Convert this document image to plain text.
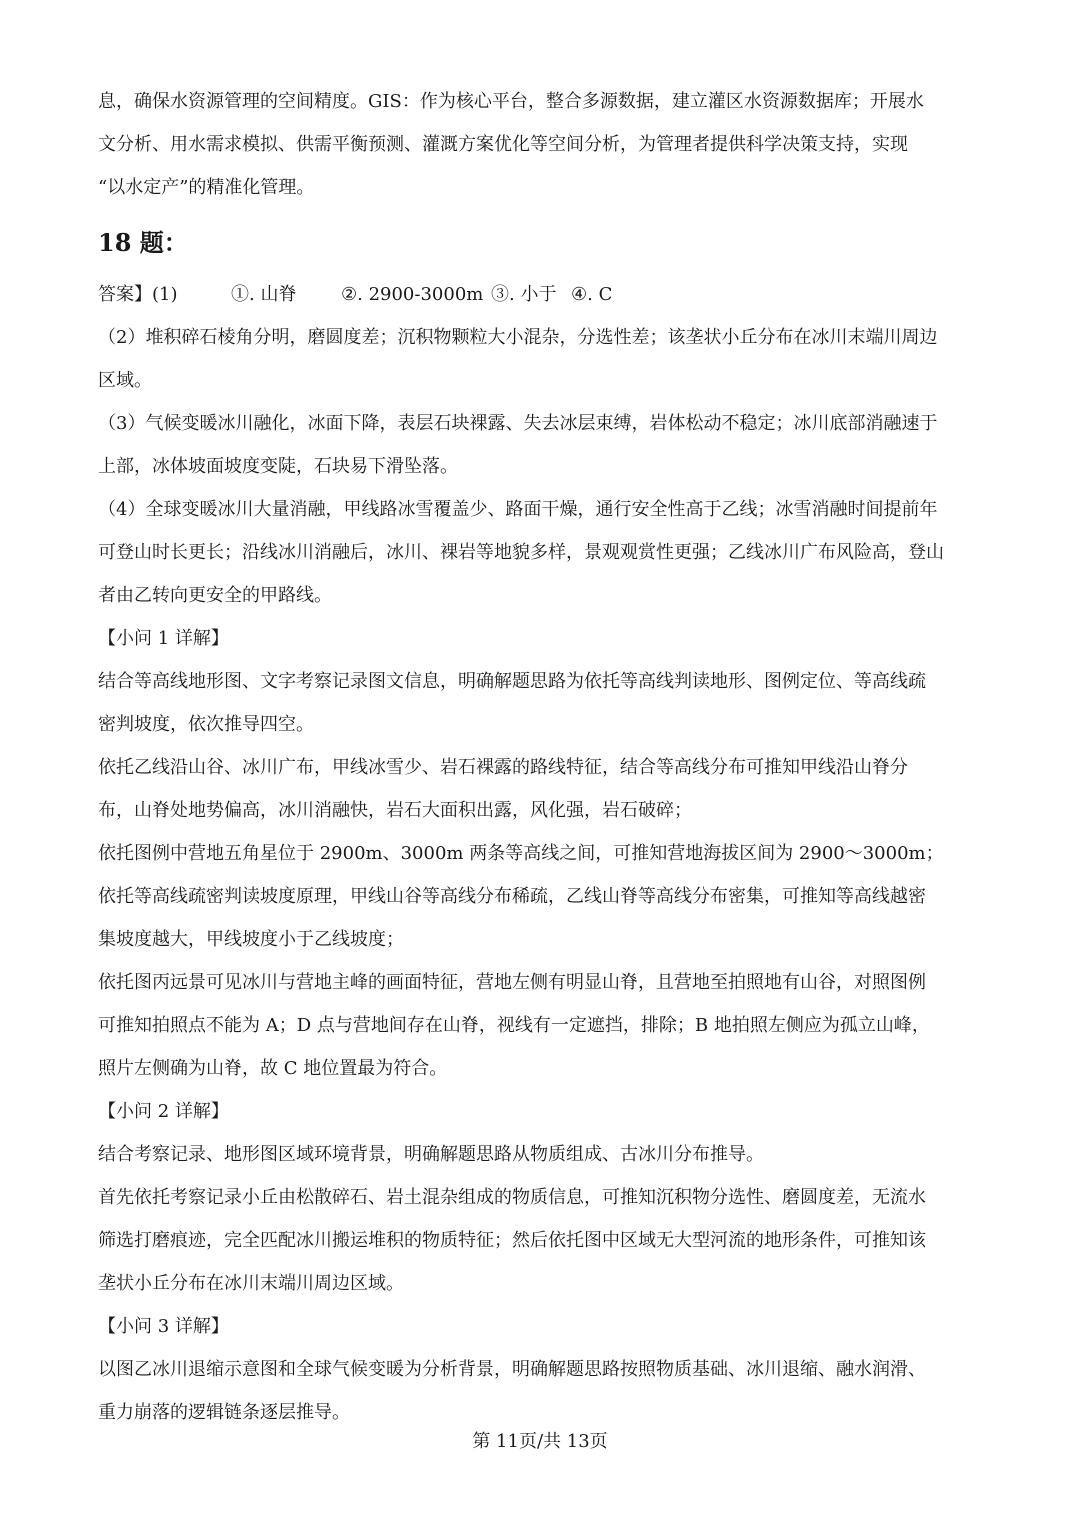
息，确保水资源管理的空间精度。GIS：作为核心平台，整合多源数据，建立灌区水资源数据库；开展水

文分析、用水需求模拟、供需平衡预测、灌溉方案优化等空间分析，为管理者提供科学决策支持，实现

“以水定产”的精准化管理。

18 题：
答案】(1)	①. 山脊	②. 2900-3000m ③. 小于 ④. C

（2）堆积碎石棱角分明，磨圆度差；沉积物颗粒大小混杂，分选性差；该垄状小丘分布在冰川末端川周边

区域。

（3）气候变暖冰川融化，冰面下降，表层石块裸露、失去冰层束缚，岩体松动不稳定；冰川底部消融速于

上部，冰体坡面坡度变陡，石块易下滑坠落。

（4）全球变暖冰川大量消融，甲线路冰雪覆盖少、路面干燥，通行安全性高于乙线；冰雪消融时间提前年

可登山时长更长；沿线冰川消融后，冰川、裸岩等地貌多样，景观观赏性更强；乙线冰川广布风险高，登山

者由乙转向更安全的甲路线。

【小问 1 详解】

结合等高线地形图、文字考察记录图文信息，明确解题思路为依托等高线判读地形、图例定位、等高线疏

密判坡度，依次推导四空。

依托乙线沿山谷、冰川广布，甲线冰雪少、岩石裸露的路线特征，结合等高线分布可推知甲线沿山脊分

布，山脊处地势偏高，冰川消融快，岩石大面积出露，风化强，岩石破碎；

依托图例中营地五角星位于 2900m、3000m 两条等高线之间，可推知营地海拔区间为 2900～3000m；

依托等高线疏密判读坡度原理，甲线山谷等高线分布稀疏，乙线山脊等高线分布密集，可推知等高线越密

集坡度越大，甲线坡度小于乙线坡度；

依托图丙远景可见冰川与营地主峰的画面特征，营地左侧有明显山脊，且营地至拍照地有山谷，对照图例

可推知拍照点不能为 A；D 点与营地间存在山脊，视线有一定遮挡，排除；B 地拍照左侧应为孤立山峰，

照片左侧确为山脊，故 C 地位置最为符合。

【小问 2 详解】

结合考察记录、地形图区域环境背景，明确解题思路从物质组成、古冰川分布推导。

首先依托考察记录小丘由松散碎石、岩土混杂组成的物质信息，可推知沉积物分选性、磨圆度差，无流水

筛选打磨痕迹，完全匹配冰川搬运堆积的物质特征；然后依托图中区域无大型河流的地形条件，可推知该

垄状小丘分布在冰川末端川周边区域。

【小问 3 详解】

以图乙冰川退缩示意图和全球气候变暖为分析背景，明确解题思路按照物质基础、冰川退缩、融水润滑、

重力崩落的逻辑链条逐层推导。

第 11页/共 13页
